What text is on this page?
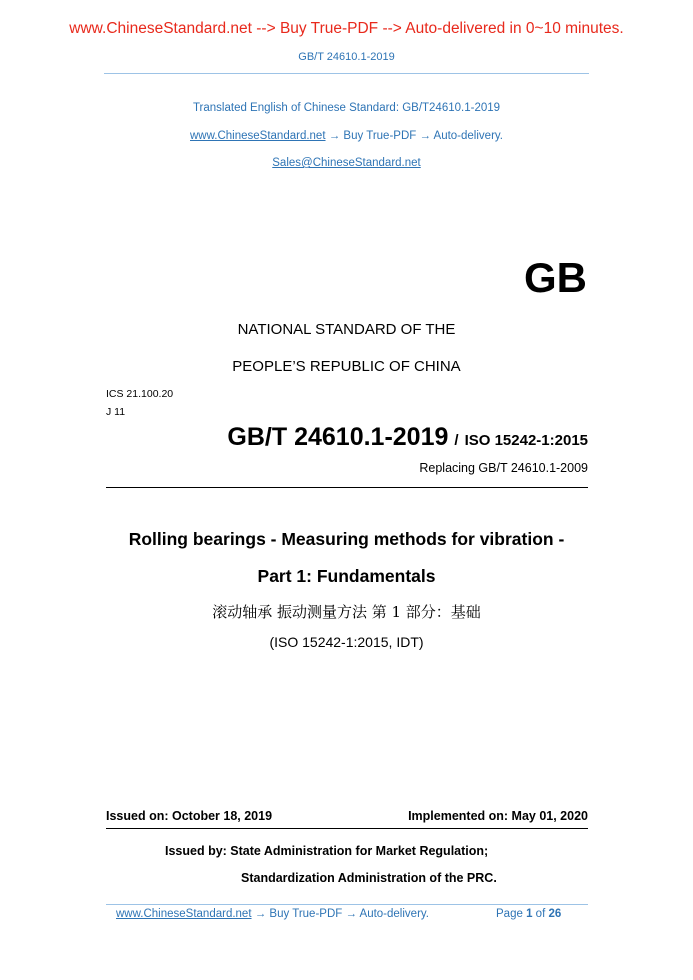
www.ChineseStandard.net --> Buy True-PDF --> Auto-delivered in 0~10 minutes.
GB/T 24610.1-2019
Translated English of Chinese Standard: GB/T24610.1-2019
www.ChineseStandard.net → Buy True-PDF → Auto-delivery.
Sales@ChineseStandard.net
GB
NATIONAL STANDARD OF THE
PEOPLE’S REPUBLIC OF CHINA
ICS 21.100.20
J 11
GB/T 24610.1-2019 / ISO 15242-1:2015
Replacing GB/T 24610.1-2009
Rolling bearings - Measuring methods for vibration -
Part 1: Fundamentals
滚动轴承 振动测量方法 第 1 部分：基础
(ISO 15242-1:2015, IDT)
Issued on: October 18, 2019	Implemented on: May 01, 2020
Issued by: State Administration for Market Regulation;
Standardization Administration of the PRC.
www.ChineseStandard.net → Buy True-PDF → Auto-delivery.	Page 1 of 26
